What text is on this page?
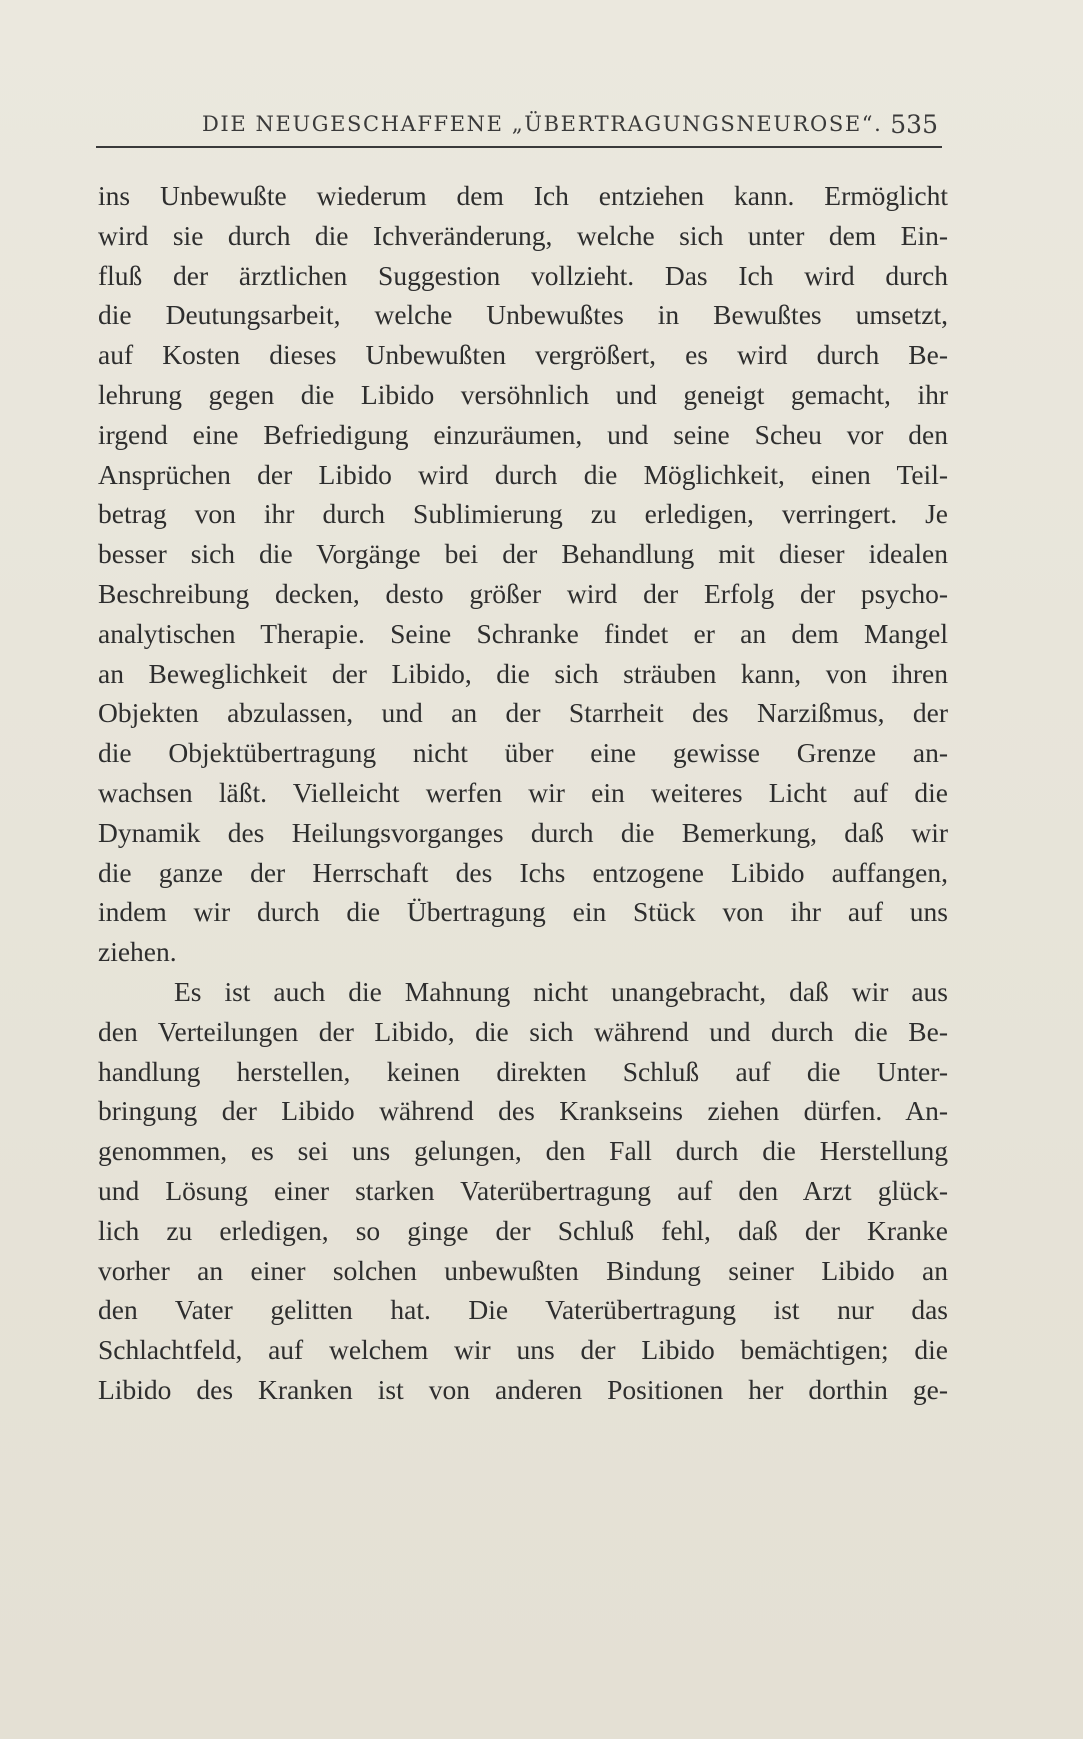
DIE NEUGESCHAFFENE „ÜBERTRAGUNGSNEUROSE“. 535
ins Unbewußte wiederum dem Ich entziehen kann. Ermöglicht
wird sie durch die Ichveränderung, welche sich unter dem Ein-
fluß der ärztlichen Suggestion vollzieht. Das Ich wird durch
die Deutungsarbeit, welche Unbewußtes in Bewußtes umsetzt,
auf Kosten dieses Unbewußten vergrößert, es wird durch Be-
lehrung gegen die Libido versöhnlich und geneigt gemacht, ihr
irgend eine Befriedigung einzuräumen, und seine Scheu vor den
Ansprüchen der Libido wird durch die Möglichkeit, einen Teil-
betrag von ihr durch Sublimierung zu erledigen, verringert. Je
besser sich die Vorgänge bei der Behandlung mit dieser idealen
Beschreibung decken, desto größer wird der Erfolg der psycho-
analytischen Therapie. Seine Schranke findet er an dem Mangel
an Beweglichkeit der Libido, die sich sträuben kann, von ihren
Objekten abzulassen, und an der Starrheit des Narzißmus, der
die Objektübertragung nicht über eine gewisse Grenze an-
wachsen läßt. Vielleicht werfen wir ein weiteres Licht auf die
Dynamik des Heilungsvorganges durch die Bemerkung, daß wir
die ganze der Herrschaft des Ichs entzogene Libido auffangen,
indem wir durch die Übertragung ein Stück von ihr auf uns
ziehen.
Es ist auch die Mahnung nicht unangebracht, daß wir aus
den Verteilungen der Libido, die sich während und durch die Be-
handlung herstellen, keinen direkten Schluß auf die Unter-
bringung der Libido während des Krankseins ziehen dürfen. An-
genommen, es sei uns gelungen, den Fall durch die Herstellung
und Lösung einer starken Vaterübertragung auf den Arzt glück-
lich zu erledigen, so ginge der Schluß fehl, daß der Kranke
vorher an einer solchen unbewußten Bindung seiner Libido an
den Vater gelitten hat. Die Vaterübertragung ist nur das
Schlachtfeld, auf welchem wir uns der Libido bemächtigen; die
Libido des Kranken ist von anderen Positionen her dorthin ge-
